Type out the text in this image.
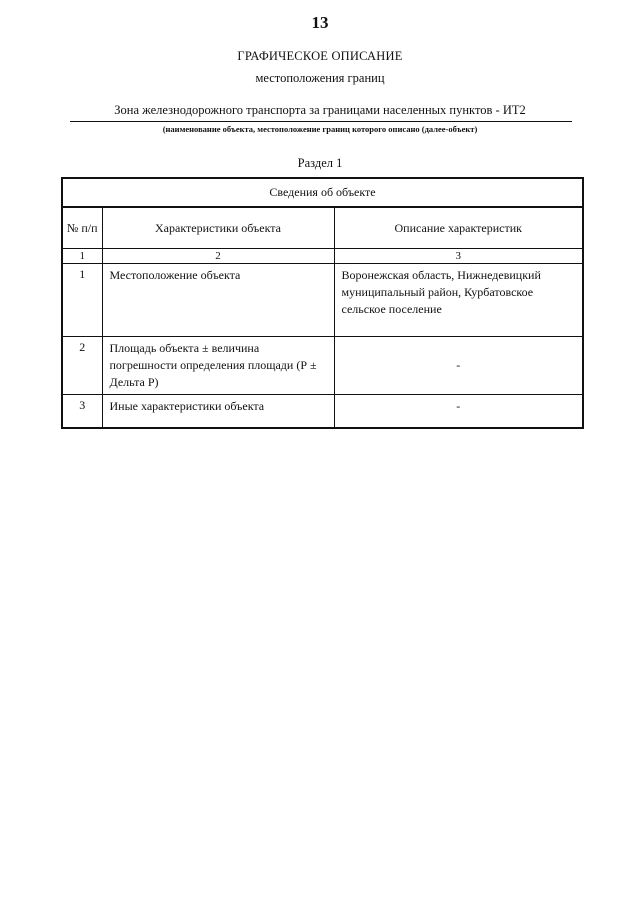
13
ГРАФИЧЕСКОЕ ОПИСАНИЕ
местоположения границ
Зона железнодорожного транспорта за границами населенных пунктов - ИТ2
(наименование объекта, местоположение границ которого описано (далее-объект)
Раздел 1
Сведения об объекте		
№ п/п	Характеристики объекта	Описание характеристик
1	2	3
1	Местоположение объекта	Воронежская область, Нижнедевицкий муниципальный район, Курбатовское сельское поселение
2	Площадь объекта ± величина погрешности определения площади (Р ± Дельта Р)	-
3	Иные характеристики объекта	-
